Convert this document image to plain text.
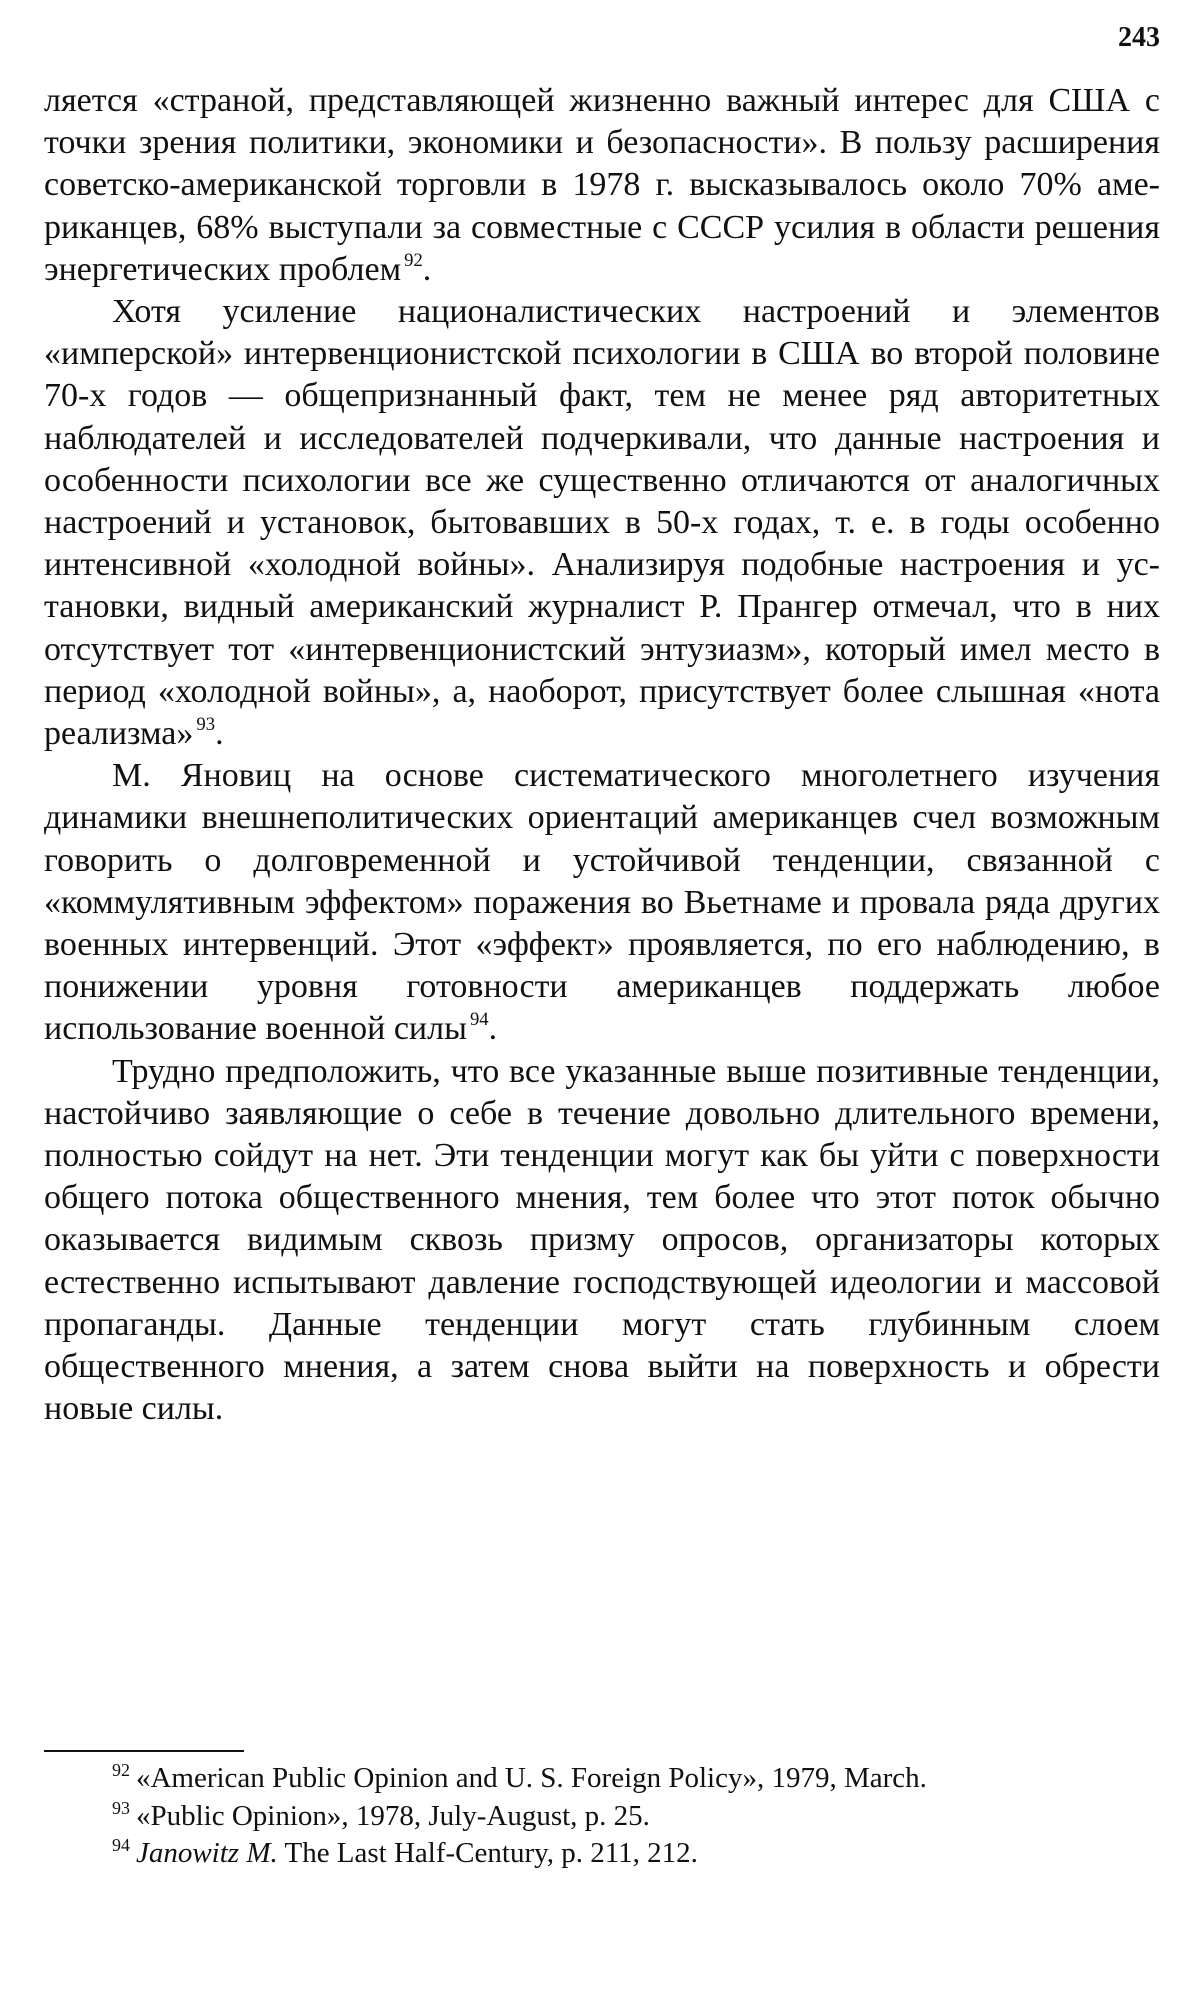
243

ляется «страной, представляющей жизненно важный интерес для США с точки зрения политики, экономики и безопасности». В пользу расширения советско-американской торговли в 1978 г. высказывалось около 70% американцев, 68% выступали за совместные с СССР усилия в области решения энергетических проблем $^{92}$.

Хотя усиление националистических настроений и элементов «имперской» интервенционистской психологии в США во второй половине 70-х годов — общепризнанный факт, тем не менее ряд авторитетных наблюдателей и исследователей подчеркивали, что данные настроения и особенности психологии все же существенно отличаются от аналогичных настроений и установок, бытовавших в 50-х годах, т. е. в годы особенно интенсивной «холодной войны». Анализируя подобные настроения и установки, видный американский журналист Р. Прангер отмечал, что в них отсутствует тот «интервенционистский энтузиазм», который имел место в период «холодной войны», а, наоборот, присутствует более слышная «нота реализма» $^{93}$.

М. Яновиц на основе систематического многолетнего изучения динамики внешнеполитических ориентаций американцев счел возможным говорить о долговременной и устойчивой тенденции, связанной с «коммулятивным эффектом» поражения во Вьетнаме и провала ряда других военных интервенций. Этот «эффект» проявляется, по его наблюдению, в понижении уровня готовности американцев поддержать любое использование военной силы $^{94}$.

Трудно предположить, что все указанные выше позитивные тенденции, настойчиво заявляющие о себе в течение довольно длительного времени, полностью сойдут на нет. Эти тенденции могут как бы уйти с поверхности общего потока общественного мнения, тем более что этот поток обычно оказывается видимым сквозь призму опросов, организаторы которых естественно испытывают давление господствующей идеологии и массовой пропаганды. Данные тенденции могут стать глубинным слоем общественного мнения, а затем снова выйти на поверхность и обрести новые силы.

$^{92}$ «American Public Opinion and U. S. Foreign Policy», 1979, March.

$^{93}$ «Public Opinion», 1978, July-August, p. 25.

$^{94}$ Janowitz M. The Last Half-Century, p. 211, 212.
